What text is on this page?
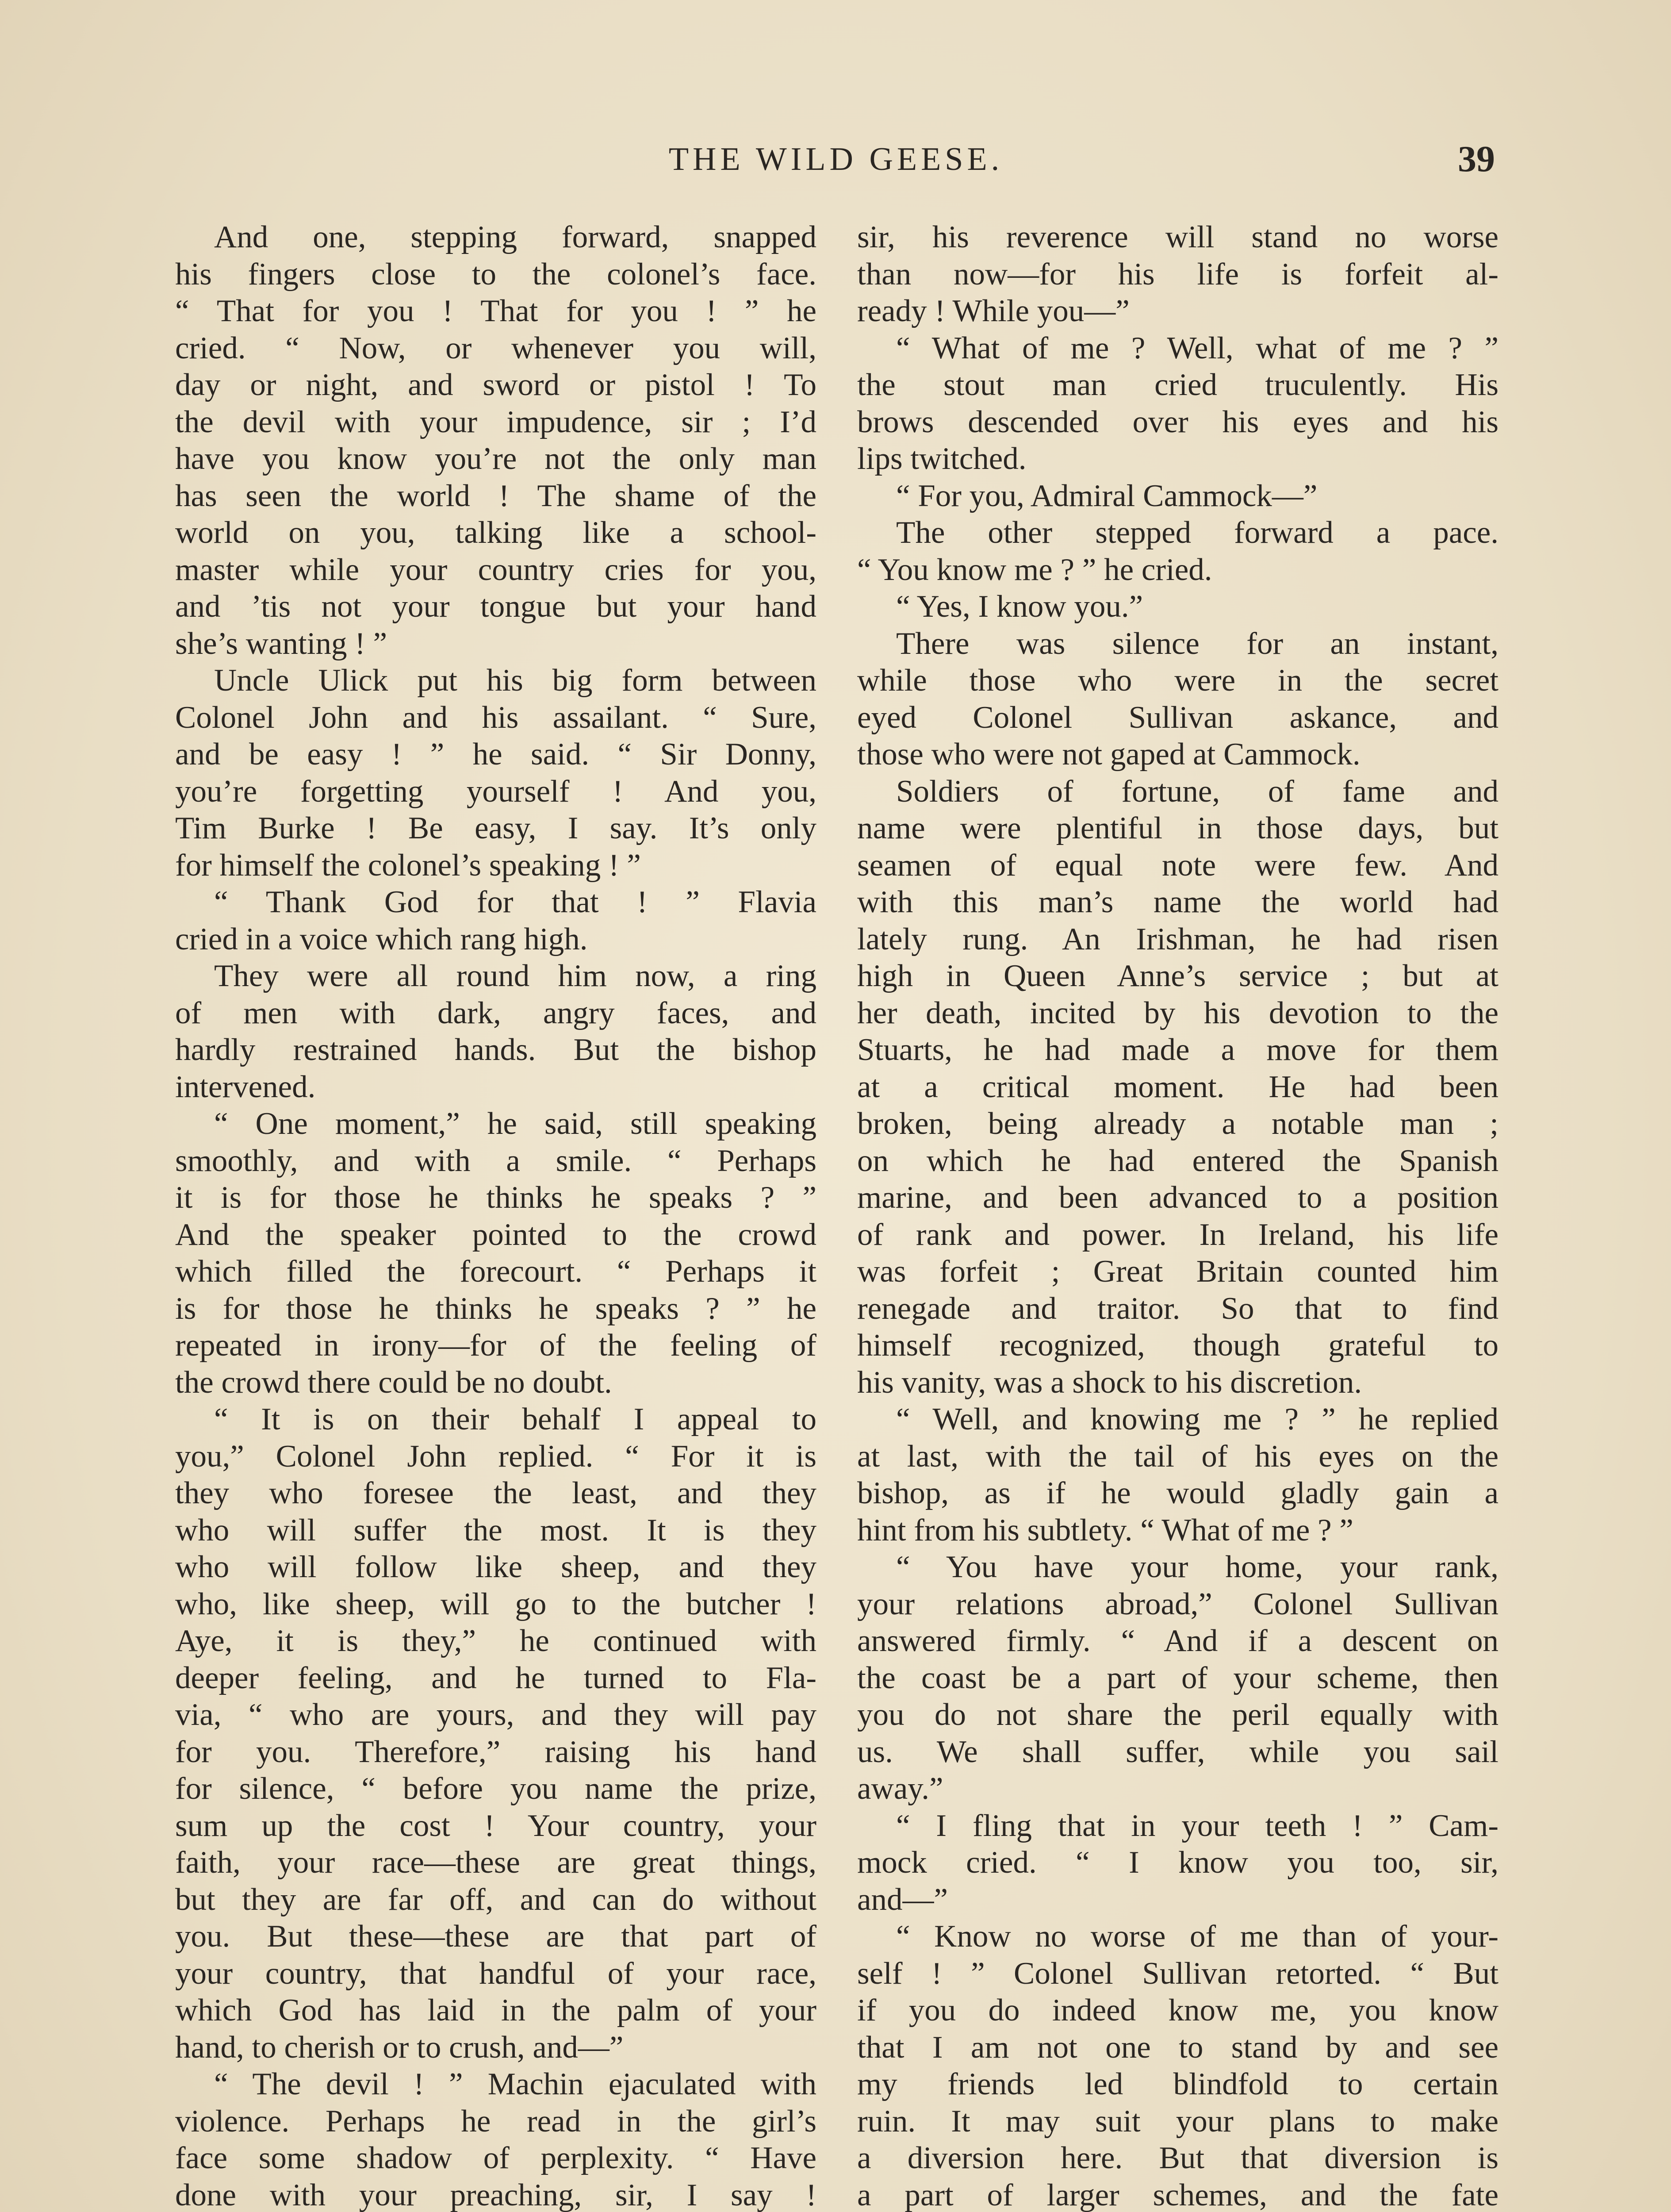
THE WILD GEESE.	39
And one, stepping forward, snapped
his fingers close to the colonel’s face.
“ That for you ! That for you ! ” he
cried. “ Now, or whenever you will,
day or night, and sword or pistol ! To
the devil with your impudence, sir ; I’d
have you know you’re not the only man
has seen the world ! The shame of the
world on you, talking like a school-
master while your country cries for you,
and ’tis not your tongue but your hand
she’s wanting ! ”
Uncle Ulick put his big form between
Colonel John and his assailant. “ Sure,
and be easy ! ” he said. “ Sir Donny,
you’re forgetting yourself ! And you,
Tim Burke ! Be easy, I say. It’s only
for himself the colonel’s speaking ! ”
“ Thank God for that ! ” Flavia
cried in a voice which rang high.
They were all round him now, a ring
of men with dark, angry faces, and
hardly restrained hands. But the bishop
intervened.
“ One moment,” he said, still speaking
smoothly, and with a smile. “ Perhaps
it is for those he thinks he speaks ? ”
And the speaker pointed to the crowd
which filled the forecourt. “ Perhaps it
is for those he thinks he speaks ? ” he
repeated in irony—for of the feeling of
the crowd there could be no doubt.
“ It is on their behalf I appeal to
you,” Colonel John replied. “ For it is
they who foresee the least, and they
who will suffer the most. It is they
who will follow like sheep, and they
who, like sheep, will go to the butcher !
Aye, it is they,” he continued with
deeper feeling, and he turned to Fla-
via, “ who are yours, and they will pay
for you. Therefore,” raising his hand
for silence, “ before you name the prize,
sum up the cost ! Your country, your
faith, your race—these are great things,
but they are far off, and can do without
you. But these—these are that part of
your country, that handful of your race,
which God has laid in the palm of your
hand, to cherish or to crush, and—”
“ The devil ! ” Machin ejaculated with
violence. Perhaps he read in the girl’s
face some shadow of perplexity. “ Have
done with your preaching, sir, I say !
sir, his reverence will stand no worse
than now—for his life is forfeit al-
ready ! While you—”
“ What of me ? Well, what of me ? ”
the stout man cried truculently. His
brows descended over his eyes and his
lips twitched.
“ For you, Admiral Cammock—”
The other stepped forward a pace.
“ You know me ? ” he cried.
“ Yes, I know you.”
There was silence for an instant,
while those who were in the secret
eyed Colonel Sullivan askance, and
those who were not gaped at Cammock.
Soldiers of fortune, of fame and
name were plentiful in those days, but
seamen of equal note were few. And
with this man’s name the world had
lately rung. An Irishman, he had risen
high in Queen Anne’s service ; but at
her death, incited by his devotion to the
Stuarts, he had made a move for them
at a critical moment. He had been
broken, being already a notable man ;
on which he had entered the Spanish
marine, and been advanced to a position
of rank and power. In Ireland, his life
was forfeit ; Great Britain counted him
renegade and traitor. So that to find
himself recognized, though grateful to
his vanity, was a shock to his discretion.
“ Well, and knowing me ? ” he replied
at last, with the tail of his eyes on the
bishop, as if he would gladly gain a
hint from his subtlety. “ What of me ? ”
“ You have your home, your rank,
your relations abroad,” Colonel Sullivan
answered firmly. “ And if a descent on
the coast be a part of your scheme, then
you do not share the peril equally with
us. We shall suffer, while you sail
away.”
“ I fling that in your teeth ! ” Cam-
mock cried. “ I know you too, sir,
and—”
“ Know no worse of me than of your-
self ! ” Colonel Sullivan retorted. “ But
if you do indeed know me, you know
that I am not one to stand by and see
my friends led blindfold to certain
ruin. It may suit your plans to make
a diversion here. But that diversion is
a part of larger schemes, and the fate
